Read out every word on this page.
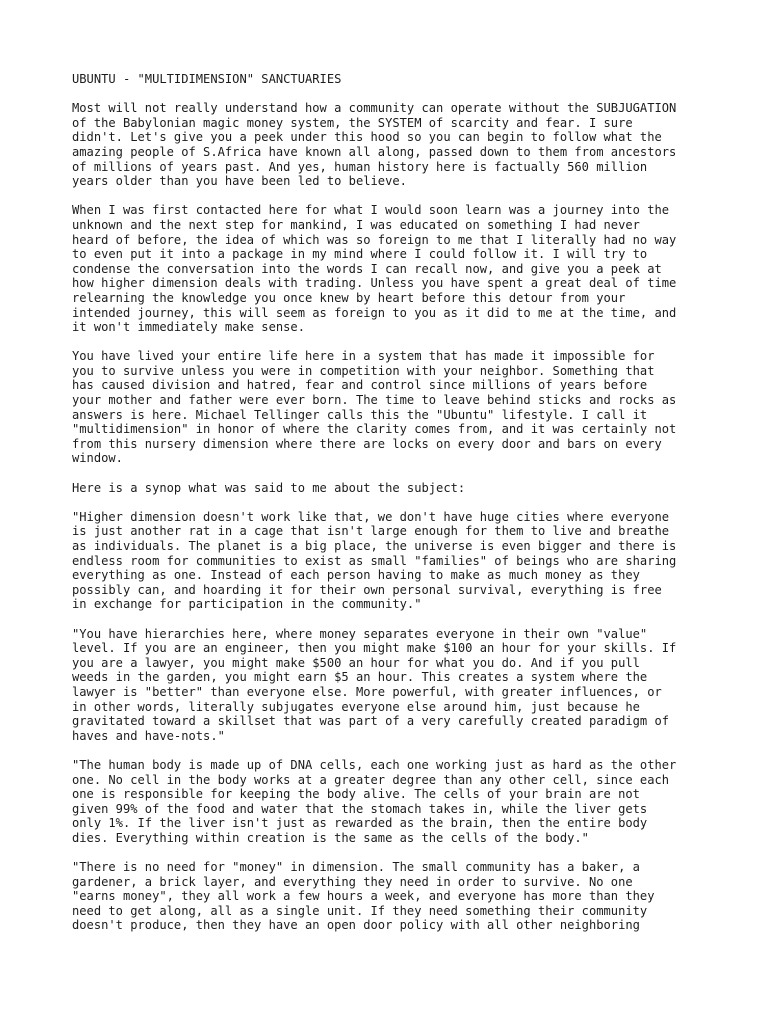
UBUNTU - "MULTIDIMENSION" SANCTUARIES
Most will not really understand how a community can operate without the SUBJUGATION
of the Babylonian magic money system, the SYSTEM of scarcity and fear. I sure
didn't. Let's give you a peek under this hood so you can begin to follow what the
amazing people of S.Africa have known all along, passed down to them from ancestors
of millions of years past. And yes, human history here is factually 560 million
years older than you have been led to believe.
When I was first contacted here for what I would soon learn was a journey into the
unknown and the next step for mankind, I was educated on something I had never
heard of before, the idea of which was so foreign to me that I literally had no way
to even put it into a package in my mind where I could follow it. I will try to
condense the conversation into the words I can recall now, and give you a peek at
how higher dimension deals with trading. Unless you have spent a great deal of time
relearning the knowledge you once knew by heart before this detour from your
intended journey, this will seem as foreign to you as it did to me at the time, and
it won't immediately make sense.
You have lived your entire life here in a system that has made it impossible for
you to survive unless you were in competition with your neighbor. Something that
has caused division and hatred, fear and control since millions of years before
your mother and father were ever born. The time to leave behind sticks and rocks as
answers is here. Michael Tellinger calls this the "Ubuntu" lifestyle. I call it
"multidimension" in honor of where the clarity comes from, and it was certainly not
from this nursery dimension where there are locks on every door and bars on every
window.
Here is a synop what was said to me about the subject:
"Higher dimension doesn't work like that, we don't have huge cities where everyone
is just another rat in a cage that isn't large enough for them to live and breathe
as individuals. The planet is a big place, the universe is even bigger and there is
endless room for communities to exist as small "families" of beings who are sharing
everything as one. Instead of each person having to make as much money as they
possibly can, and hoarding it for their own personal survival, everything is free
in exchange for participation in the community."
"You have hierarchies here, where money separates everyone in their own "value"
level. If you are an engineer, then you might make $100 an hour for your skills. If
you are a lawyer, you might make $500 an hour for what you do. And if you pull
weeds in the garden, you might earn $5 an hour. This creates a system where the
lawyer is "better" than everyone else. More powerful, with greater influences, or
in other words, literally subjugates everyone else around him, just because he
gravitated toward a skillset that was part of a very carefully created paradigm of
haves and have-nots."
"The human body is made up of DNA cells, each one working just as hard as the other
one. No cell in the body works at a greater degree than any other cell, since each
one is responsible for keeping the body alive. The cells of your brain are not
given 99% of the food and water that the stomach takes in, while the liver gets
only 1%. If the liver isn't just as rewarded as the brain, then the entire body
dies. Everything within creation is the same as the cells of the body."
"There is no need for "money" in dimension. The small community has a baker, a
gardener, a brick layer, and everything they need in order to survive. No one
"earns money", they all work a few hours a week, and everyone has more than they
need to get along, all as a single unit. If they need something their community
doesn't produce, then they have an open door policy with all other neighboring
